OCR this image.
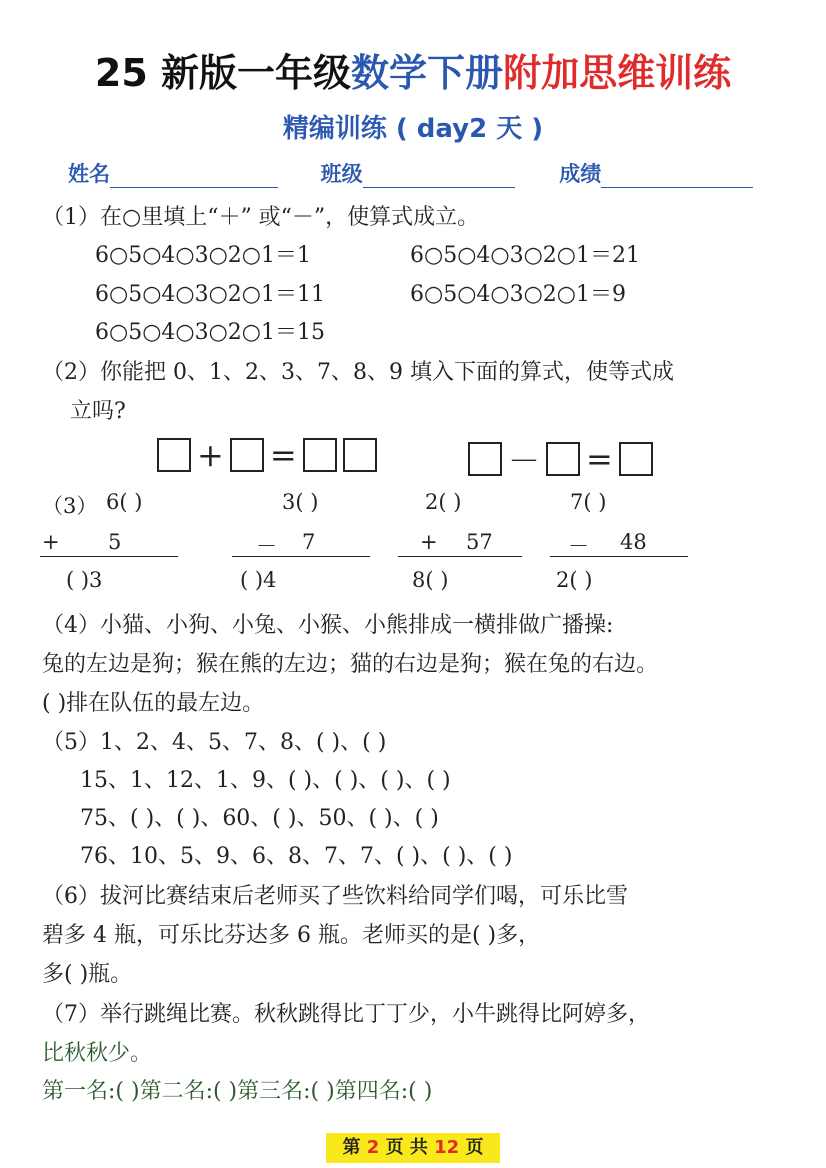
25 新版一年级数学下册附加思维训练
精编训练 ( day2 天 )
姓名	班级	成绩
（1）在○里填上“＋” 或“－”，使算式成立。
6○5○4○3○2○1＝1	6○5○4○3○2○1＝21
6○5○4○3○2○1＝11	6○5○4○3○2○1＝9
6○5○4○3○2○1＝15
（2）你能把 0、1、2、3、7、8、9 填入下面的算式，使等式成
立吗?
+ =	－ =
（3） 6( )
+ 5
( )3
3( )
－ 7
( )4
2( )
+ 57
8( )
7( )
－ 48
2( )
（4）小猫、小狗、小兔、小猴、小熊排成一横排做广播操:
兔的左边是狗；猴在熊的左边；猫的右边是狗；猴在兔的右边。
( )排在队伍的最左边。
（5）1、2、4、5、7、8、( )、( )
15、1、12、1、9、( )、( )、( )、( )
75、( )、( )、60、( )、50、( )、( )
76、10、5、9、6、8、7、7、( )、( )、( )
（6）拔河比赛结束后老师买了些饮料给同学们喝，可乐比雪
碧多 4 瓶，可乐比芬达多 6 瓶。老师买的是( )多，
多( )瓶。
（7）举行跳绳比赛。秋秋跳得比丁丁少，小牛跳得比阿婷多，
比秋秋少。
第一名:( )第二名:( )第三名:( )第四名:( )
第 2 页 共 12 页
